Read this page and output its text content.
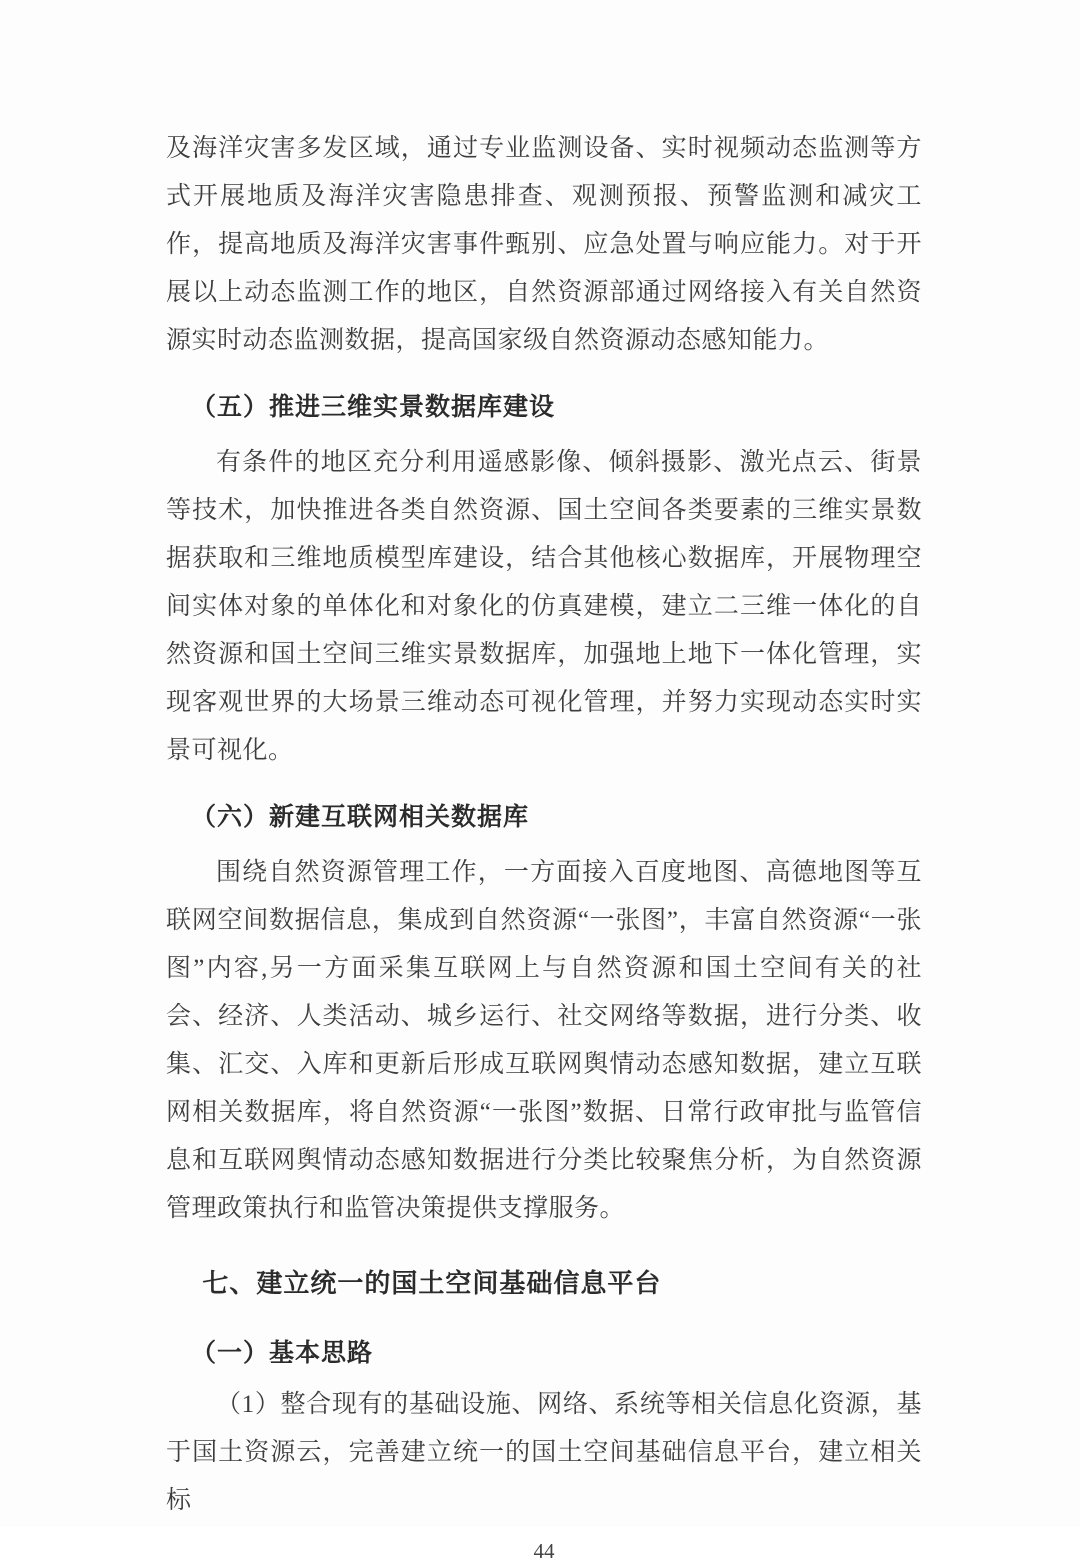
及海洋灾害多发区域，通过专业监测设备、实时视频动态监测等方式开展地质及海洋灾害隐患排查、观测预报、预警监测和减灾工作，提高地质及海洋灾害事件甄别、应急处置与响应能力。对于开展以上动态监测工作的地区，自然资源部通过网络接入有关自然资源实时动态监测数据，提高国家级自然资源动态感知能力。

（五）推进三维实景数据库建设

有条件的地区充分利用遥感影像、倾斜摄影、激光点云、街景等技术，加快推进各类自然资源、国土空间各类要素的三维实景数据获取和三维地质模型库建设，结合其他核心数据库，开展物理空间实体对象的单体化和对象化的仿真建模，建立二三维一体化的自然资源和国土空间三维实景数据库，加强地上地下一体化管理，实现客观世界的大场景三维动态可视化管理，并努力实现动态实时实景可视化。

（六）新建互联网相关数据库

围绕自然资源管理工作，一方面接入百度地图、高德地图等互联网空间数据信息，集成到自然资源“一张图”，丰富自然资源“一张图”内容,另一方面采集互联网上与自然资源和国土空间有关的社会、经济、人类活动、城乡运行、社交网络等数据，进行分类、收集、汇交、入库和更新后形成互联网舆情动态感知数据，建立互联网相关数据库，将自然资源“一张图”数据、日常行政审批与监管信息和互联网舆情动态感知数据进行分类比较聚焦分析，为自然资源管理政策执行和监管决策提供支撑服务。

七、建立统一的国土空间基础信息平台
（一）基本思路

（1）整合现有的基础设施、网络、系统等相关信息化资源，基于国土资源云，完善建立统一的国土空间基础信息平台，建立相关标

44
